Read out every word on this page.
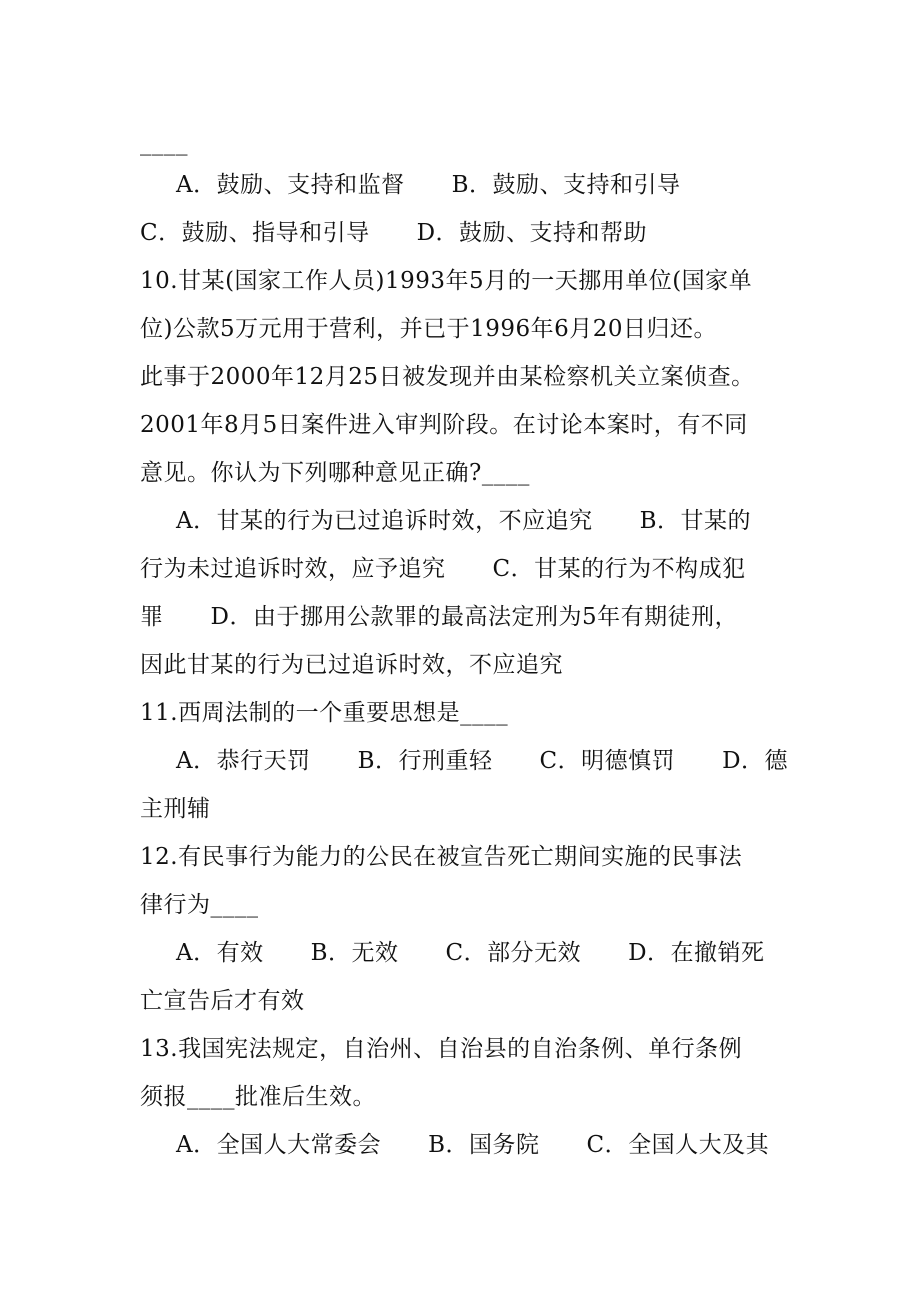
____
A．鼓励、支持和监督　　B．鼓励、支持和引导
C．鼓励、指导和引导　　D．鼓励、支持和帮助
10.甘某(国家工作人员)1993年5月的一天挪用单位(国家单
位)公款5万元用于营利，并已于1996年6月20日归还。
此事于2000年12月25日被发现并由某检察机关立案侦查。
2001年8月5日案件进入审判阶段。在讨论本案时，有不同
意见。你认为下列哪种意见正确?____
A．甘某的行为已过追诉时效，不应追究　　B．甘某的
行为未过追诉时效，应予追究　　C．甘某的行为不构成犯
罪　　D．由于挪用公款罪的最高法定刑为5年有期徒刑，
因此甘某的行为已过追诉时效，不应追究
11.西周法制的一个重要思想是____
A．恭行天罚　　B．行刑重轻　　C．明德慎罚　　D．德
主刑辅
12.有民事行为能力的公民在被宣告死亡期间实施的民事法
律行为____
A．有效　　B．无效　　C．部分无效　　D．在撤销死
亡宣告后才有效
13.我国宪法规定，自治州、自治县的自治条例、单行条例
须报____批准后生效。
A．全国人大常委会　　B．国务院　　C．全国人大及其
